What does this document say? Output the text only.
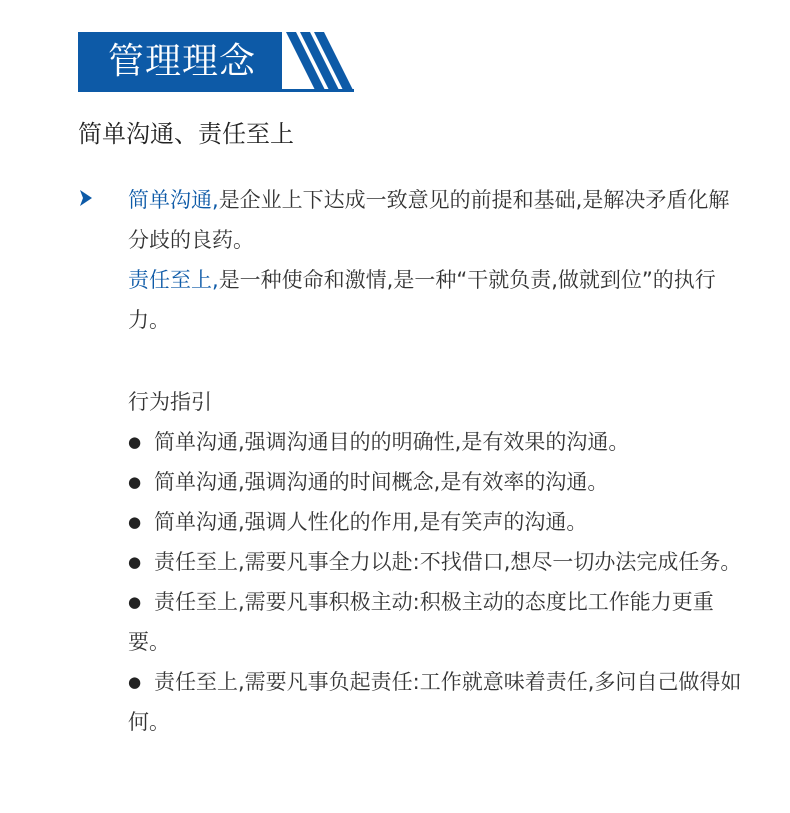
管理理念
简单沟通、责任至上
简单沟通,是企业上下达成一致意见的前提和基础,是解决矛盾化解分歧的良药。
责任至上,是一种使命和激情,是一种“干就负责,做就到位”的执行力。
行为指引
● 简单沟通,强调沟通目的的明确性,是有效果的沟通。
● 简单沟通,强调沟通的时间概念,是有效率的沟通。
● 简单沟通,强调人性化的作用,是有笑声的沟通。
● 责任至上,需要凡事全力以赴:不找借口,想尽一切办法完成任务。
● 责任至上,需要凡事积极主动:积极主动的态度比工作能力更重要。
● 责任至上,需要凡事负起责任:工作就意味着责任,多问自己做得如何。
